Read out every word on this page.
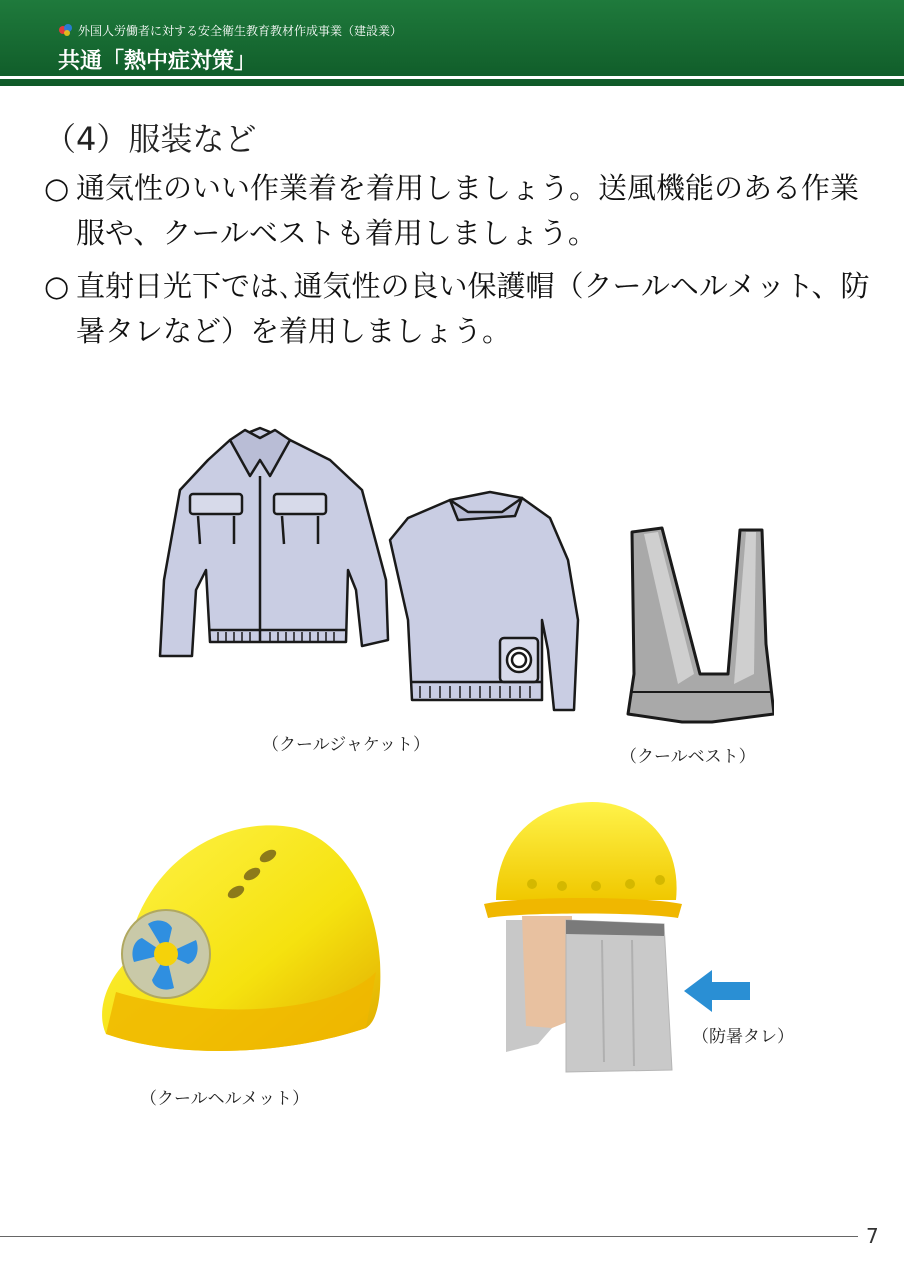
外国人労働者に対する安全衛生教育教材作成事業（建設業）
共通「熱中症対策」
（4）服装など
○ 通気性のいい作業着を着用しましょう。送風機能のある作業服や、クールベストも着用しましょう。
○ 直射日光下では､通気性の良い保護帽（クールヘルメット、防暑タレなど）を着用しましょう。
（クールジャケット）
（クールベスト）
（クールヘルメット）
（防暑タレ）
7
